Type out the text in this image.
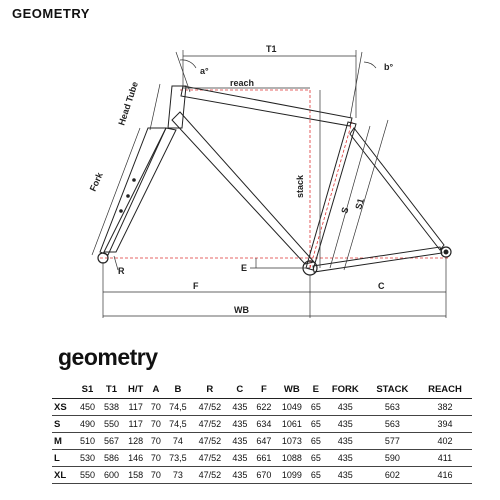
GEOMETRY
T1
reach
a°	b°
Head Tube
Fork	stack
S S1
E
R
F	C
WB
geometry
	S1	T1	H/T	A	B	R	C	F	WB	E	FORK	STACK	REACH
XS	450	538	117	70	74,5	47/52	435	622	1049	65	435	563	382
S	490	550	117	70	74,5	47/52	435	634	1061	65	435	563	394
M	510	567	128	70	74	47/52	435	647	1073	65	435	577	402
L	530	586	146	70	73,5	47/52	435	661	1088	65	435	590	411
XL	550	600	158	70	73	47/52	435	670	1099	65	435	602	416
